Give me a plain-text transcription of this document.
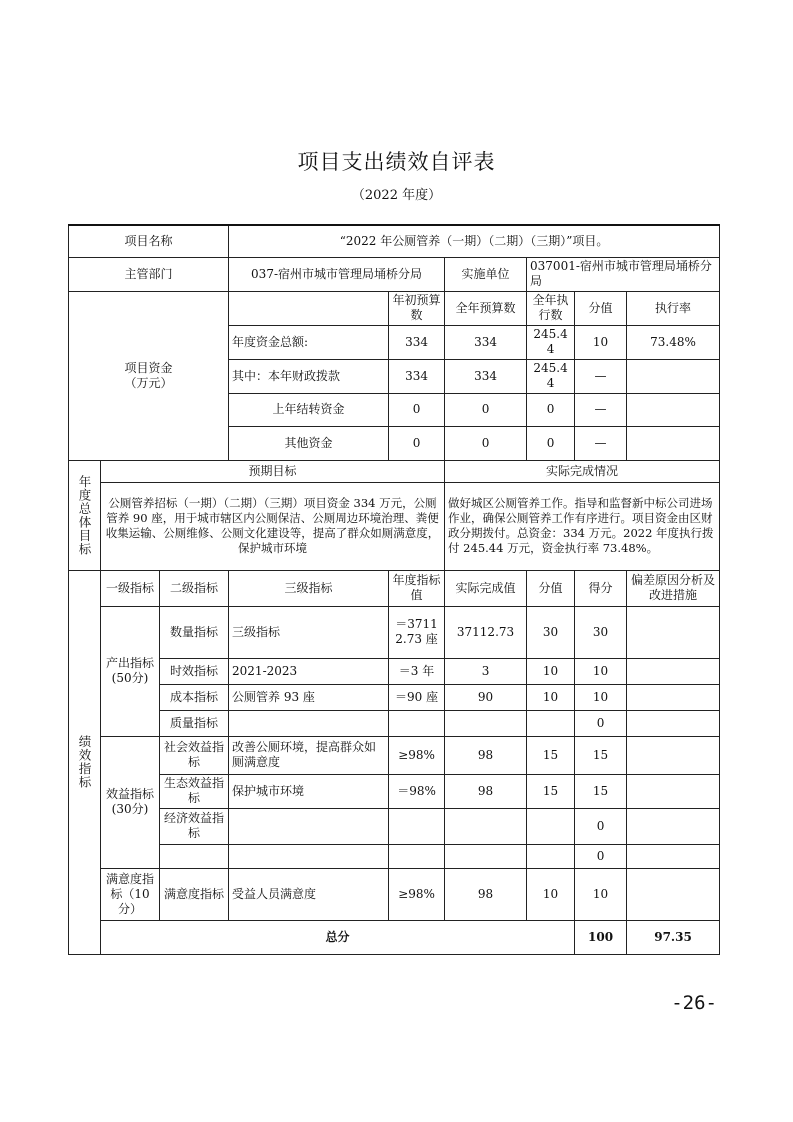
项目支出绩效自评表
（2022 年度）
项目名称			“2022 年公厕管养（一期）（二期）（三期）”项目。						
主管部门			037-宿州市城市管理局埇桥分局		实施单位	037001-宿州市城市管理局埇桥分局			
项目资金
（万元）				年初预算数	全年预算数	全年执行数	分值	执行率	
			年度资金总额:	334	334	245.44	10	73.48%	
			其中：本年财政拨款	334	334	245.44	—		
			上年结转资金	0	0	0	—		
			其他资金	0	0	0	—		
年度总体目标	预期目标				实际完成情况				
	公厕管养招标（一期）（二期）（三期）项目资金 334 万元，公厕管养 90 座，用于城市辖区内公厕保洁、公厕周边环境治理、粪便收集运输、公厕维修、公厕文化建设等，提高了群众如厕满意度，保护城市环境				做好城区公厕管养工作。指导和监督新中标公司进场作业，确保公厕管养工作有序进行。项目资金由区财政分期拨付。总资金：334 万元。2022 年度执行拨付 245.44 万元，资金执行率 73.48%。				
绩效指标	一级指标	二级指标	三级指标	年度指标值	实际完成值	分值	得分	偏差原因分析及改进措施	
	产出指标(50分)	数量指标	三级指标	＝37112.73 座	37112.73	30	30		
		时效指标	2021-2023	＝3 年	3	10	10		
		成本指标	公厕管养 93 座	＝90 座	90	10	10		
		质量指标					0		
	效益指标(30分)	社会效益指标	改善公厕环境，提高群众如厕满意度	≥98%	98	15	15		
		生态效益指标	保护城市环境	＝98%	98	15	15		
		经济效益指标					0		
							0		
	满意度指标（10 分）	满意度指标	受益人员满意度	≥98%	98	10	10		
	总分						100	97.35	
-26-
